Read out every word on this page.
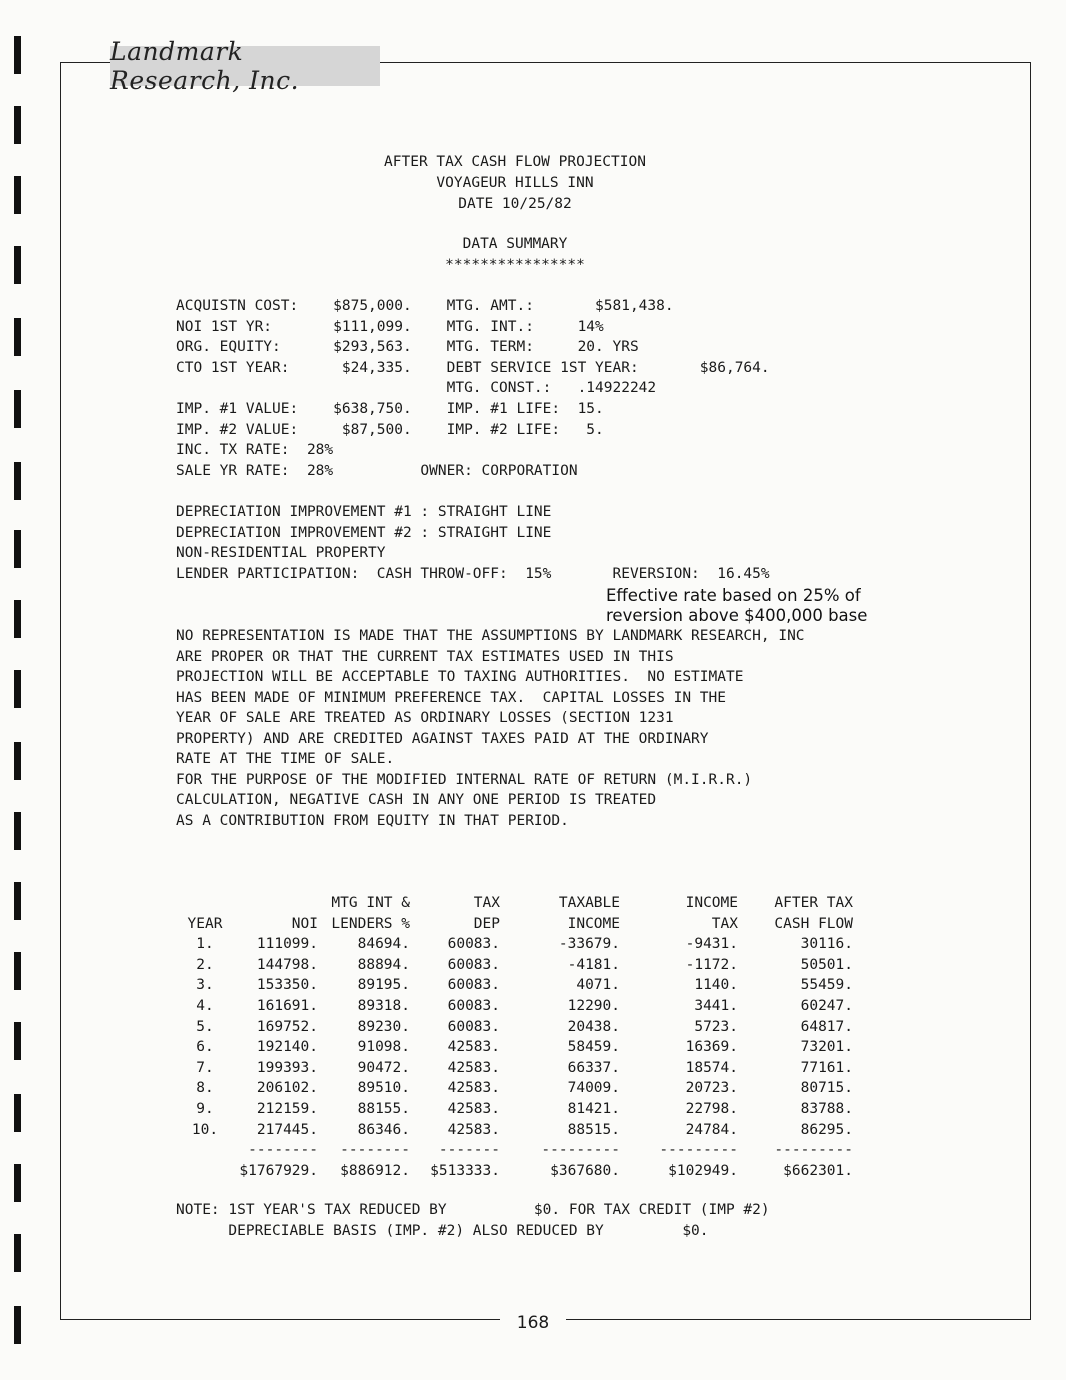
Landmark Research, Inc.
AFTER TAX CASH FLOW PROJECTION
VOYAGEUR HILLS INN
DATE 10/25/82
DATA SUMMARY
****************
ACQUISTN COST:    $875,000.    MTG. AMT.:       $581,438.
NOI 1ST YR:       $111,099.    MTG. INT.:     14%
ORG. EQUITY:      $293,563.    MTG. TERM:     20. YRS
CTO 1ST YEAR:      $24,335.    DEBT SERVICE 1ST YEAR:       $86,764.
MTG. CONST.:   .14922242
IMP. #1 VALUE:    $638,750.    IMP. #1 LIFE:  15.
IMP. #2 VALUE:     $87,500.    IMP. #2 LIFE:   5.
INC. TX RATE:  28%
SALE YR RATE:  28%          OWNER: CORPORATION
DEPRECIATION IMPROVEMENT #1 : STRAIGHT LINE
DEPRECIATION IMPROVEMENT #2 : STRAIGHT LINE
NON-RESIDENTIAL PROPERTY
LENDER PARTICIPATION:  CASH THROW-OFF:  15%       REVERSION:  16.45%
Effective rate based on 25% of
reversion above $400,000 base
NO REPRESENTATION IS MADE THAT THE ASSUMPTIONS BY LANDMARK RESEARCH, INC
ARE PROPER OR THAT THE CURRENT TAX ESTIMATES USED IN THIS
PROJECTION WILL BE ACCEPTABLE TO TAXING AUTHORITIES.  NO ESTIMATE
HAS BEEN MADE OF MINIMUM PREFERENCE TAX.  CAPITAL LOSSES IN THE
YEAR OF SALE ARE TREATED AS ORDINARY LOSSES (SECTION 1231
PROPERTY) AND ARE CREDITED AGAINST TAXES PAID AT THE ORDINARY
RATE AT THE TIME OF SALE.
FOR THE PURPOSE OF THE MODIFIED INTERNAL RATE OF RETURN (M.I.R.R.)
CALCULATION, NEGATIVE CASH IN ANY ONE PERIOD IS TREATED
AS A CONTRIBUTION FROM EQUITY IN THAT PERIOD.
		MTG INT &	TAX	TAXABLE	INCOME	AFTER TAX
YEAR	NOI	LENDERS %	DEP	INCOME	TAX	CASH FLOW
1.	111099.	84694.	60083.	-33679.	-9431.	30116.
2.	144798.	88894.	60083.	-4181.	-1172.	50501.
3.	153350.	89195.	60083.	4071.	1140.	55459.
4.	161691.	89318.	60083.	12290.	3441.	60247.
5.	169752.	89230.	60083.	20438.	5723.	64817.
6.	192140.	91098.	42583.	58459.	16369.	73201.
7.	199393.	90472.	42583.	66337.	18574.	77161.
8.	206102.	89510.	42583.	74009.	20723.	80715.
9.	212159.	88155.	42583.	81421.	22798.	83788.
10.	217445.	86346.	42583.	88515.	24784.	86295.
	--------	--------	-------	---------	---------	---------
	$1767929.	$886912.	$513333.	$367680.	$102949.	$662301.
NOTE: 1ST YEAR'S TAX REDUCED BY          $0. FOR TAX CREDIT (IMP #2)
DEPRECIABLE BASIS (IMP. #2) ALSO REDUCED BY         $0.
168
